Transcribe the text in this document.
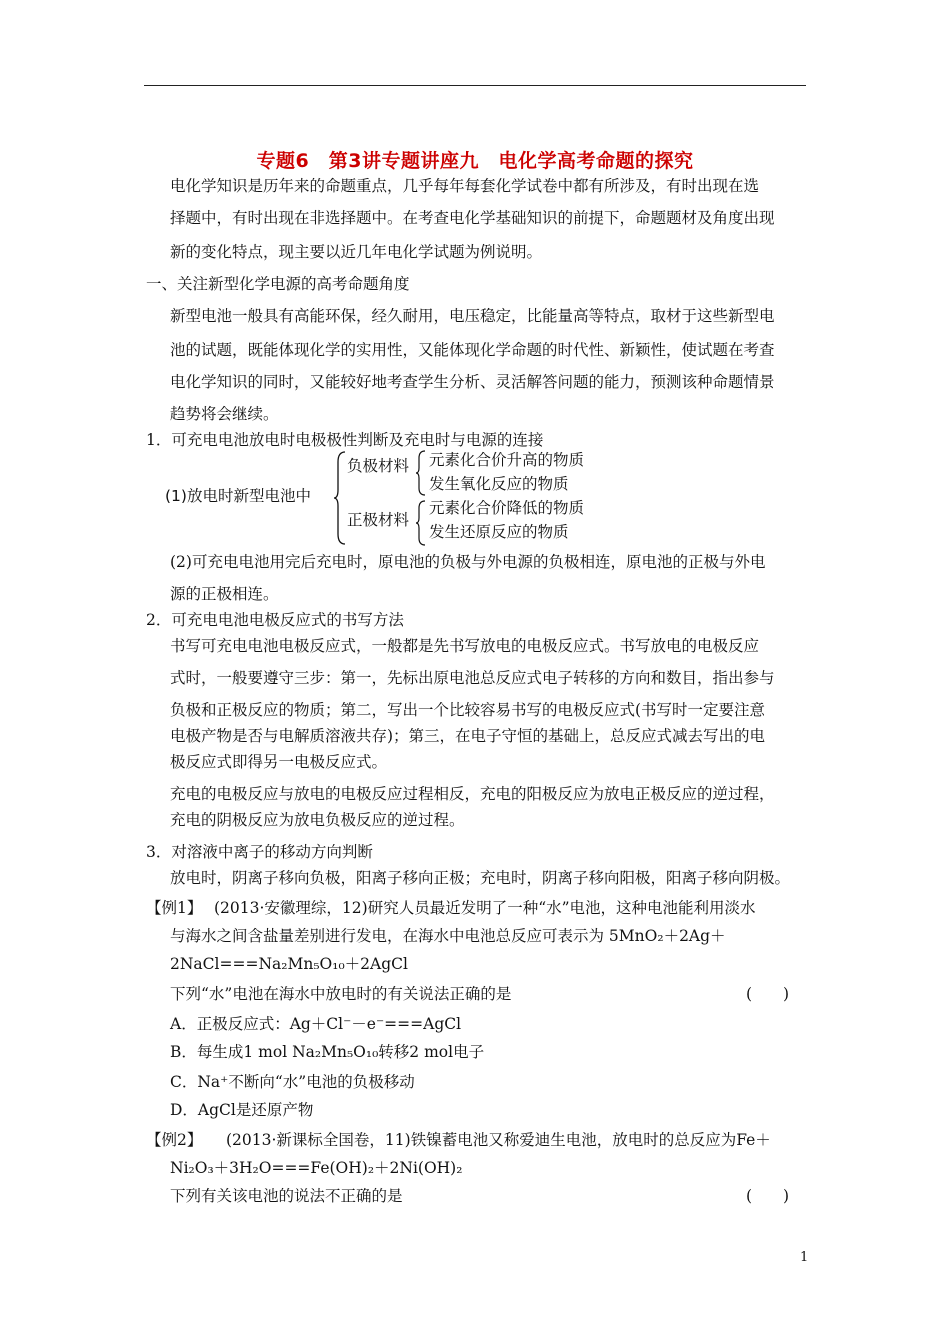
专题6　第3讲专题讲座九　电化学高考命题的探究
电化学知识是历年来的命题重点，几乎每年每套化学试卷中都有所涉及，有时出现在选
择题中，有时出现在非选择题中。在考查电化学基础知识的前提下，命题题材及角度出现
新的变化特点，现主要以近几年电化学试题为例说明。
一、关注新型化学电源的高考命题角度
新型电池一般具有高能环保，经久耐用，电压稳定，比能量高等特点，取材于这些新型电
池的试题，既能体现化学的实用性，又能体现化学命题的时代性、新颖性，使试题在考查
电化学知识的同时，又能较好地考查学生分析、灵活解答问题的能力，预测该种命题情景
趋势将会继续。
1．可充电电池放电时电极极性判断及充电时与电源的连接
(1)放电时新型电池中
负极材料 元素化合价升高的物质
发生氧化反应的物质
正极材料
元素化合价降低的物质
发生还原反应的物质
(2)可充电电池用完后充电时，原电池的负极与外电源的负极相连，原电池的正极与外电
源的正极相连。
2．可充电电池电极反应式的书写方法
书写可充电电池电极反应式，一般都是先书写放电的电极反应式。书写放电的电极反应
式时，一般要遵守三步：第一，先标出原电池总反应式电子转移的方向和数目，指出参与
负极和正极反应的物质；第二，写出一个比较容易书写的电极反应式(书写时一定要注意
电极产物是否与电解质溶液共存)；第三，在电子守恒的基础上，总反应式减去写出的电
极反应式即得另一电极反应式。
充电的电极反应与放电的电极反应过程相反，充电的阳极反应为放电正极反应的逆过程，
充电的阴极反应为放电负极反应的逆过程。
3．对溶液中离子的移动方向判断
放电时，阴离子移向负极，阳离子移向正极；充电时，阴离子移向阳极，阳离子移向阴极。
【例1】 (2013·安徽理综，12)研究人员最近发明了一种“水”电池，这种电池能利用淡水
与海水之间含盐量差别进行发电，在海水中电池总反应可表示为 5MnO₂＋2Ag＋
2NaCl===Na₂Mn₅O₁₀＋2AgCl
下列“水”电池在海水中放电时的有关说法正确的是	(　　)
A．正极反应式：Ag＋Cl⁻－e⁻===AgCl
B．每生成1 mol Na₂Mn₅O₁₀转移2 mol电子
C．Na⁺不断向“水”电池的负极移动
D．AgCl是还原产物
【例2】 (2013·新课标全国卷，11)铁镍蓄电池又称爱迪生电池，放电时的总反应为Fe＋
Ni₂O₃＋3H₂O===Fe(OH)₂＋2Ni(OH)₂
下列有关该电池的说法不正确的是	(　　)
1
